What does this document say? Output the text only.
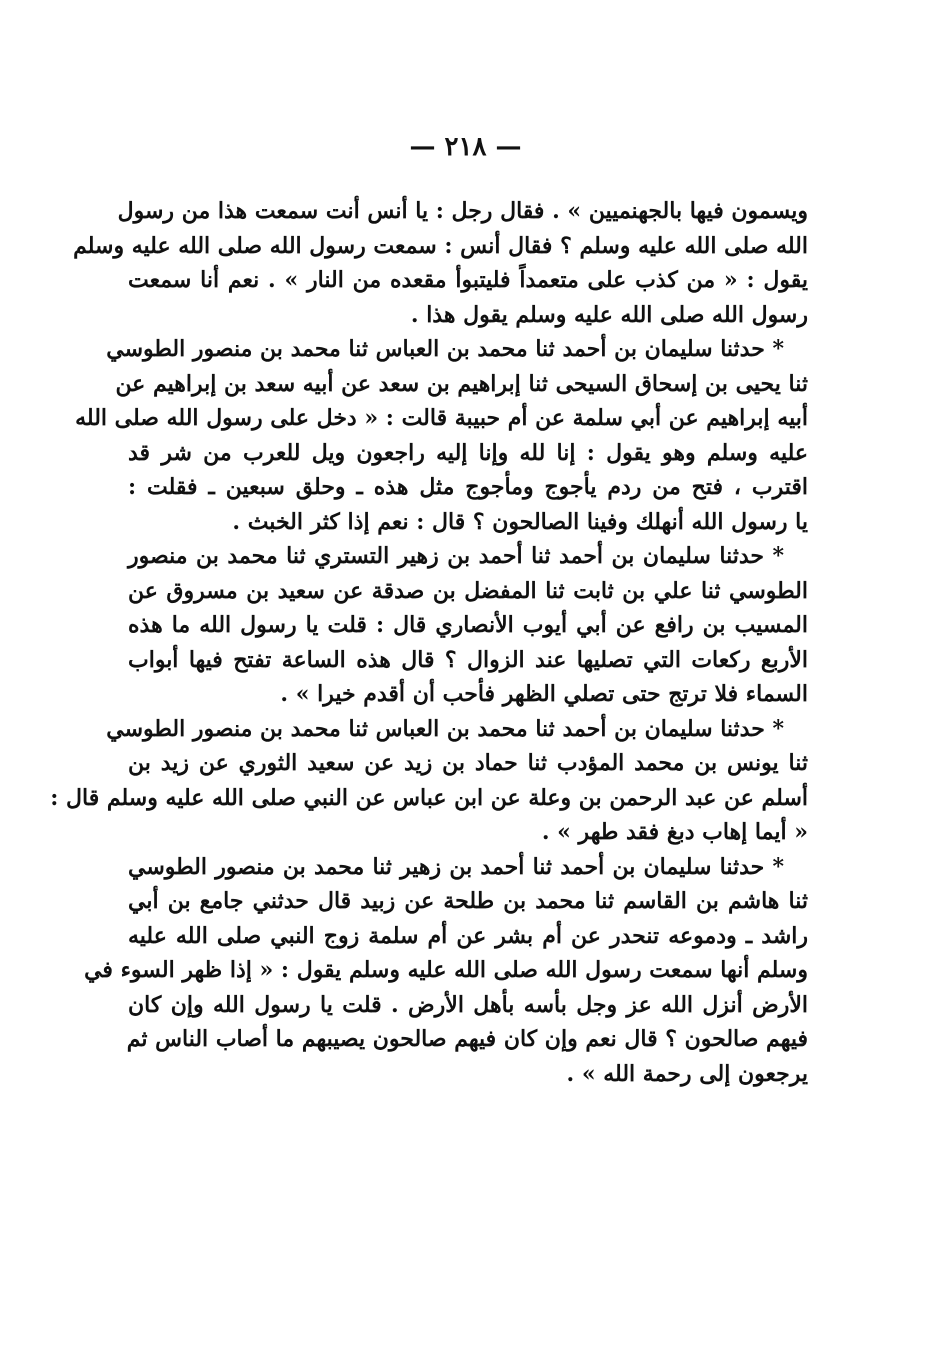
— ٢١٨ —
ويسمون فيها بالجهنميين » . فقال رجل : يا أنس أنت سمعت هذا من رسول
الله صلى الله عليه وسلم ؟ فقال أنس : سمعت رسول الله صلى الله عليه وسلم
يقول : « من كذب على متعمداً فليتبوأ مقعده من النار » . نعم أنا سمعت
رسول الله صلى الله عليه وسلم يقول هذا .
* حدثنا سليمان بن أحمد ثنا محمد بن العباس ثنا محمد بن منصور الطوسي
ثنا يحيى بن إسحاق السيحى ثنا إبراهيم بن سعد عن أبيه سعد بن إبراهيم عن
أبيه إبراهيم عن أبي سلمة عن أم حبيبة قالت : « دخل على رسول الله صلى الله
عليه وسلم وهو يقول : إنا لله وإنا إليه راجعون ويل للعرب من شر قد
اقترب ، فتح من ردم يأجوج ومأجوج مثل هذه ـ وحلق سبعين ـ فقلت :
يا رسول الله أنهلك وفينا الصالحون ؟ قال : نعم إذا كثر الخبث .
* حدثنا سليمان بن أحمد ثنا أحمد بن زهير التستري ثنا محمد بن منصور
الطوسي ثنا علي بن ثابت ثنا المفضل بن صدقة عن سعيد بن مسروق عن
المسيب بن رافع عن أبي أيوب الأنصاري قال : قلت يا رسول الله ما هذه
الأربع ركعات التي تصليها عند الزوال ؟ قال هذه الساعة تفتح فيها أبواب
السماء فلا ترتج حتى تصلي الظهر فأحب أن أقدم خيرا » .
* حدثنا سليمان بن أحمد ثنا محمد بن العباس ثنا محمد بن منصور الطوسي
ثنا يونس بن محمد المؤدب ثنا حماد بن زيد عن سعيد الثوري عن زيد بن
أسلم عن عبد الرحمن بن وعلة عن ابن عباس عن النبي صلى الله عليه وسلم قال :
« أيما إهاب دبغ فقد طهر » .
* حدثنا سليمان بن أحمد ثنا أحمد بن زهير ثنا محمد بن منصور الطوسي
ثنا هاشم بن القاسم ثنا محمد بن طلحة عن زبيد قال حدثني جامع بن أبي
راشد ـ ودموعه تنحدر عن أم بشر عن أم سلمة زوج النبي صلى الله عليه
وسلم أنها سمعت رسول الله صلى الله عليه وسلم يقول : « إذا ظهر السوء في
الأرض أنزل الله عز وجل بأسه بأهل الأرض . قلت يا رسول الله وإن كان
فيهم صالحون ؟ قال نعم وإن كان فيهم صالحون يصيبهم ما أصاب الناس ثم
يرجعون إلى رحمة الله » .
